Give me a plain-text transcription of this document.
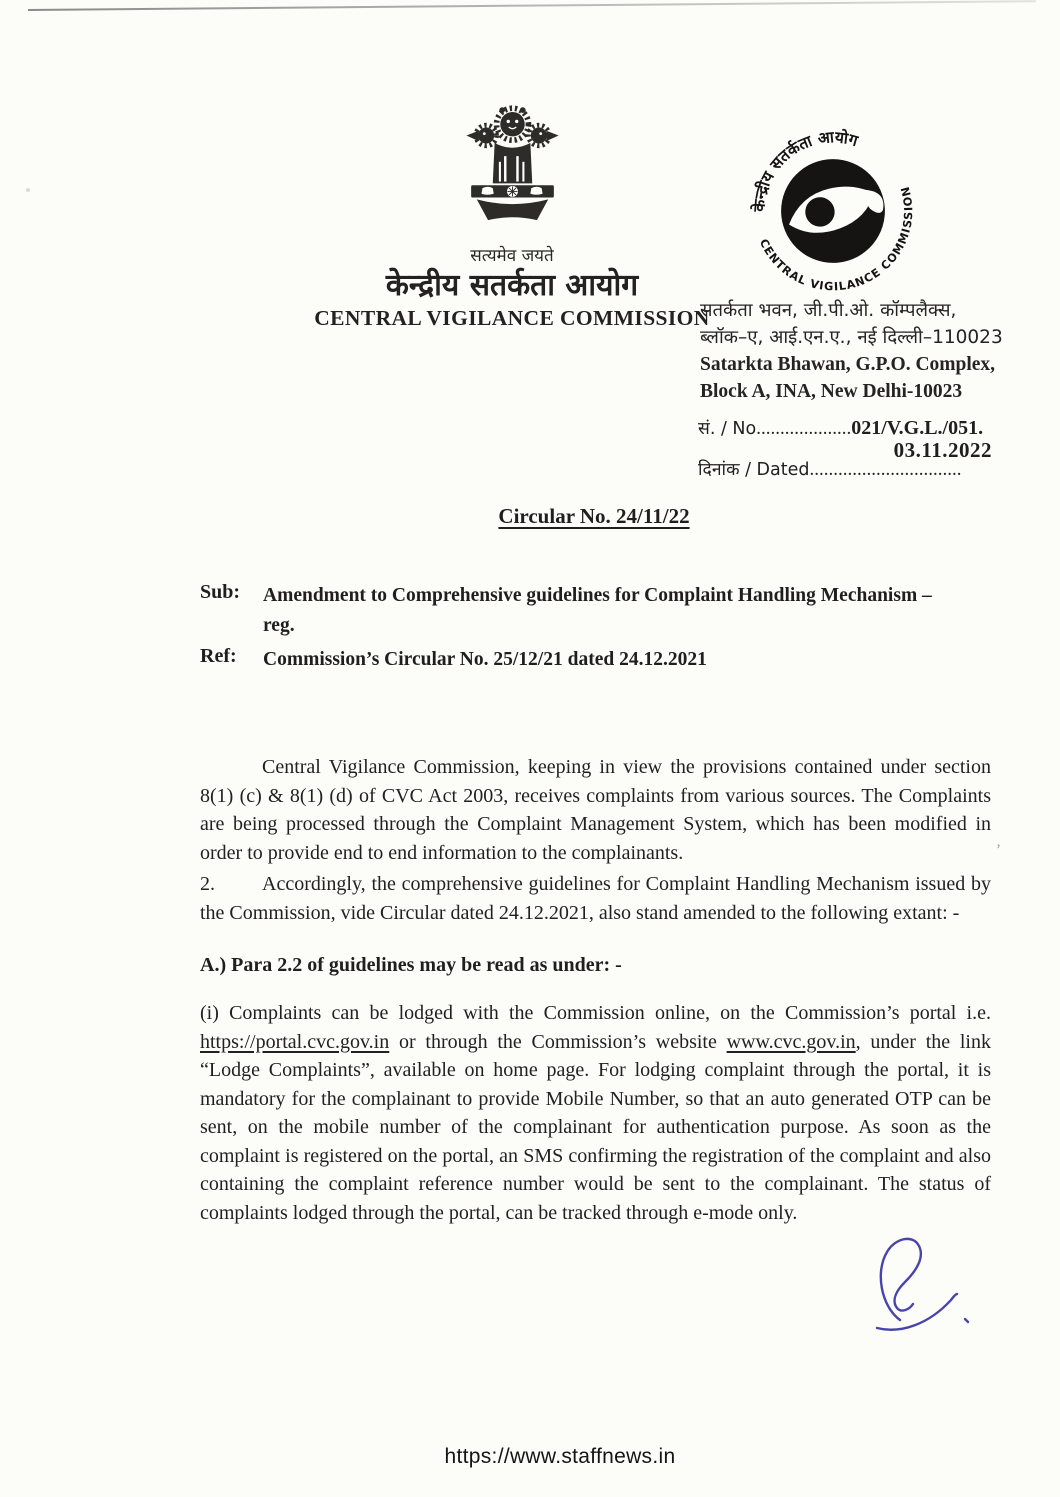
’
सत्यमेव जयते
केन्द्रीय सतर्कता आयोग
CENTRAL VIGILANCE COMMISSION
केन्द्रीय सतर्कता आयोग
CENTRAL VIGILANCE COMMISSION
सतर्कता भवन, जी.पी.ओ. कॉम्पलैक्स,
ब्लॉक–ए, आई.एन.ए., नई दिल्ली–110023
Satarkta Bhawan, G.P.O. Complex,
Block A, INA, New Delhi-10023
सं. / No....................021/V.G.L./051.
03.11.2022
दिनांक / Dated................................
Circular No. 24/11/22
Sub:	Amendment to Comprehensive guidelines for Complaint Handling Mechanism –
reg.
Ref:	Commission’s Circular No. 25/12/21 dated 24.12.2021
Central Vigilance Commission, keeping in view the provisions contained under section 8(1) (c) & 8(1) (d) of CVC Act 2003, receives complaints from various sources. The Complaints are being processed through the Complaint Management System, which has been modified in order to provide end to end information to the complainants.
2. Accordingly, the comprehensive guidelines for Complaint Handling Mechanism issued by the Commission, vide Circular dated 24.12.2021, also stand amended to the following extant: -
A.) Para 2.2 of guidelines may be read as under: -
(i) Complaints can be lodged with the Commission online, on the Commission’s portal i.e. https://portal.cvc.gov.in or through the Commission’s website www.cvc.gov.in, under the link “Lodge Complaints”, available on home page. For lodging complaint through the portal, it is mandatory for the complainant to provide Mobile Number, so that an auto generated OTP can be sent, on the mobile number of the complainant for authentication purpose. As soon as the complaint is registered on the portal, an SMS confirming the registration of the complaint and also containing the complaint reference number would be sent to the complainant. The status of complaints lodged through the portal, can be tracked through e-mode only.
https://www.staffnews.in
